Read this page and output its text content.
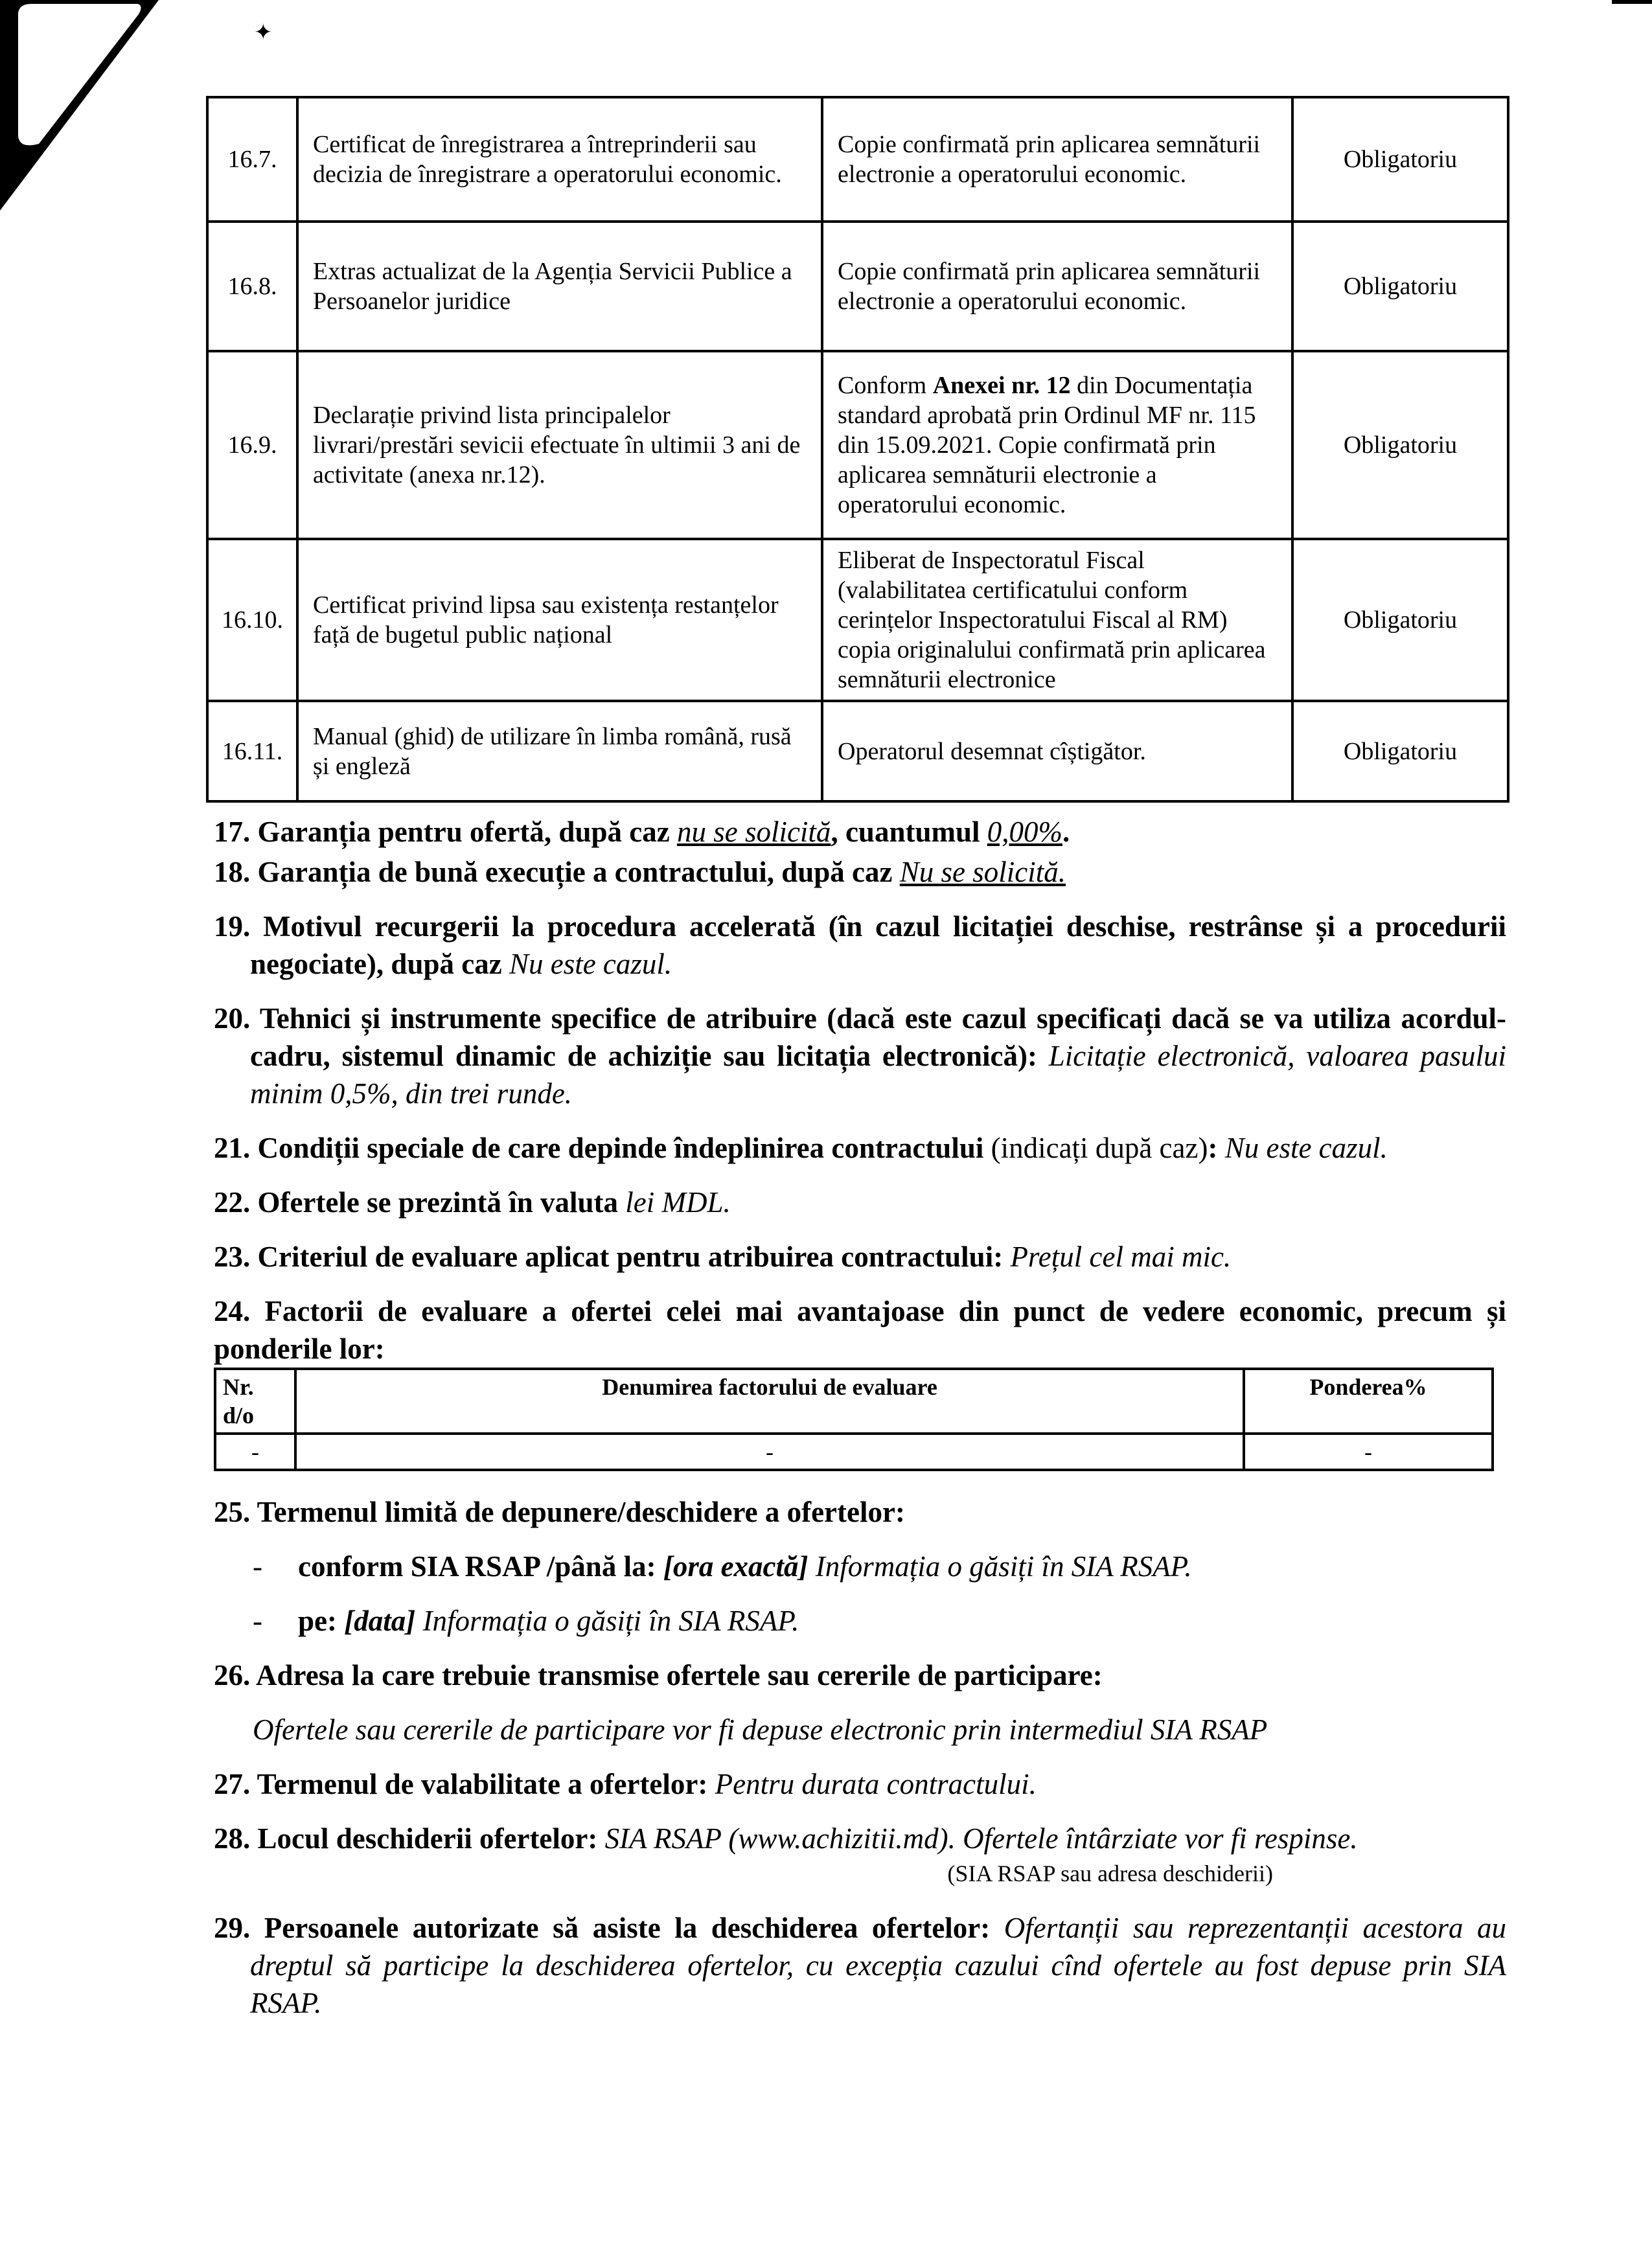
✦
16.7.	Certificat de înregistrarea a întreprinderii sau decizia de înregistrare a operatorului economic.	Copie confirmată prin aplicarea semnăturii electronie a operatorului economic.	Obligatoriu
16.8.	Extras actualizat de la Agenția Servicii Publice a Persoanelor juridice	Copie confirmată prin aplicarea semnăturii electronie a operatorului economic.	Obligatoriu
16.9.	Declarație privind lista principalelor livrari/prestări sevicii efectuate în ultimii 3 ani de activitate (anexa nr.12).	Conform Anexei nr. 12 din Documentația standard aprobată prin Ordinul MF nr. 115 din 15.09.2021. Copie confirmată prin aplicarea semnăturii electronie a operatorului economic.	Obligatoriu
16.10.	Certificat privind lipsa sau existența restanțelor față de bugetul public național	Eliberat de Inspectoratul Fiscal (valabilitatea certificatului conform cerințelor Inspectoratului Fiscal al RM) copia originalului confirmată prin aplicarea semnăturii electronice	Obligatoriu
16.11.	Manual (ghid) de utilizare în limba română, rusă și engleză	Operatorul desemnat cîștigător.	Obligatoriu
17. Garanția pentru ofertă, după caz nu se solicită, cuantumul 0,00%.
18. Garanția de bună execuție a contractului, după caz Nu se solicită.
19. Motivul recurgerii la procedura accelerată (în cazul licitației deschise, restrânse și a procedurii negociate), după caz Nu este cazul.
20. Tehnici și instrumente specifice de atribuire (dacă este cazul specificați dacă se va utiliza acordul-cadru, sistemul dinamic de achiziție sau licitația electronică): Licitație electronică, valoarea pasului minim 0,5%, din trei runde.
21. Condiții speciale de care depinde îndeplinirea contractului (indicați după caz): Nu este cazul.
22. Ofertele se prezintă în valuta lei MDL.
23. Criteriul de evaluare aplicat pentru atribuirea contractului: Prețul cel mai mic.
24. Factorii de evaluare a ofertei celei mai avantajoase din punct de vedere economic, precum și ponderile lor:
Nr. d/o	Denumirea factorului de evaluare	Ponderea%
-	-	-
25. Termenul limită de depunere/deschidere a ofertelor:
- conform SIA RSAP /până la: [ora exactă] Informația o găsiți în SIA RSAP.
- pe: [data] Informația o găsiți în SIA RSAP.
26. Adresa la care trebuie transmise ofertele sau cererile de participare:
Ofertele sau cererile de participare vor fi depuse electronic prin intermediul SIA RSAP
27. Termenul de valabilitate a ofertelor: Pentru durata contractului.
28. Locul deschiderii ofertelor: SIA RSAP (www.achizitii.md). Ofertele întârziate vor fi respinse.
(SIA RSAP sau adresa deschiderii)
29. Persoanele autorizate să asiste la deschiderea ofertelor: Ofertanții sau reprezentanții acestora au dreptul să participe la deschiderea ofertelor, cu excepția cazului cînd ofertele au fost depuse prin SIA RSAP.
